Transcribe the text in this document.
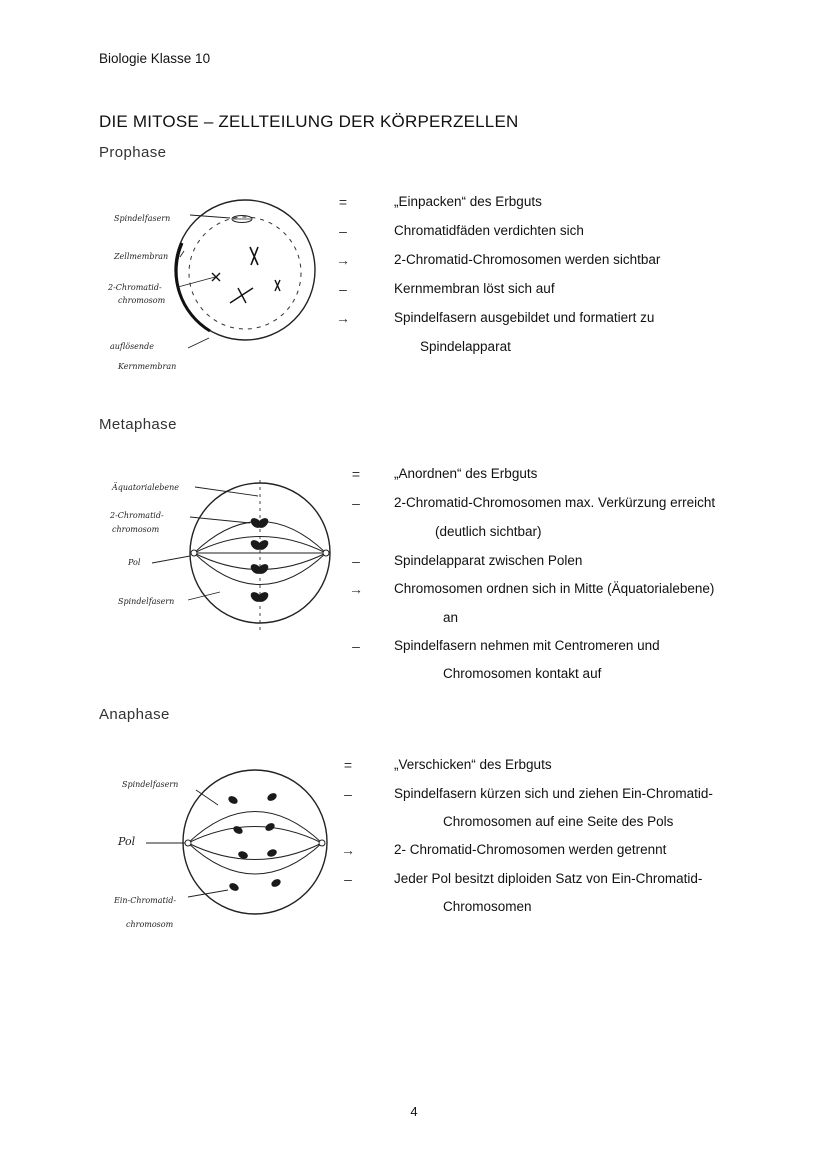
Biologie Klasse 10
DIE MITOSE – ZELLTEILUNG DER KÖRPERZELLEN
Prophase
Spindelfasern
Zellmembran
2-Chromatid-
chromosom
auflösende
Kernmembran
=	„Einpacken“ des Erbguts
–	Chromatidfäden verdichten sich
→	2-Chromatid-Chromosomen werden sichtbar
–	Kernmembran löst sich auf
→	Spindelfasern ausgebildet und formatiert zu
Spindelapparat
Metaphase
Äquatorialebene
2-Chromatid-
chromosom
Pol
Spindelfasern
=	„Anordnen“ des Erbguts
–	2-Chromatid-Chromosomen max. Verkürzung erreicht
(deutlich sichtbar)
–	Spindelapparat zwischen Polen
→ Chromosomen ordnen sich in Mitte (Äquatorialebene)
an
–	Spindelfasern nehmen mit Centromeren und
Chromosomen kontakt auf
Anaphase
Spindelfasern
Pol
Ein-Chromatid-
chromosom
=	„Verschicken“ des Erbguts
–	Spindelfasern kürzen sich und ziehen Ein-Chromatid-
Chromosomen auf eine Seite des Pols
→	2- Chromatid-Chromosomen werden getrennt
–	Jeder Pol besitzt diploiden Satz von Ein-Chromatid-
Chromosomen
4
